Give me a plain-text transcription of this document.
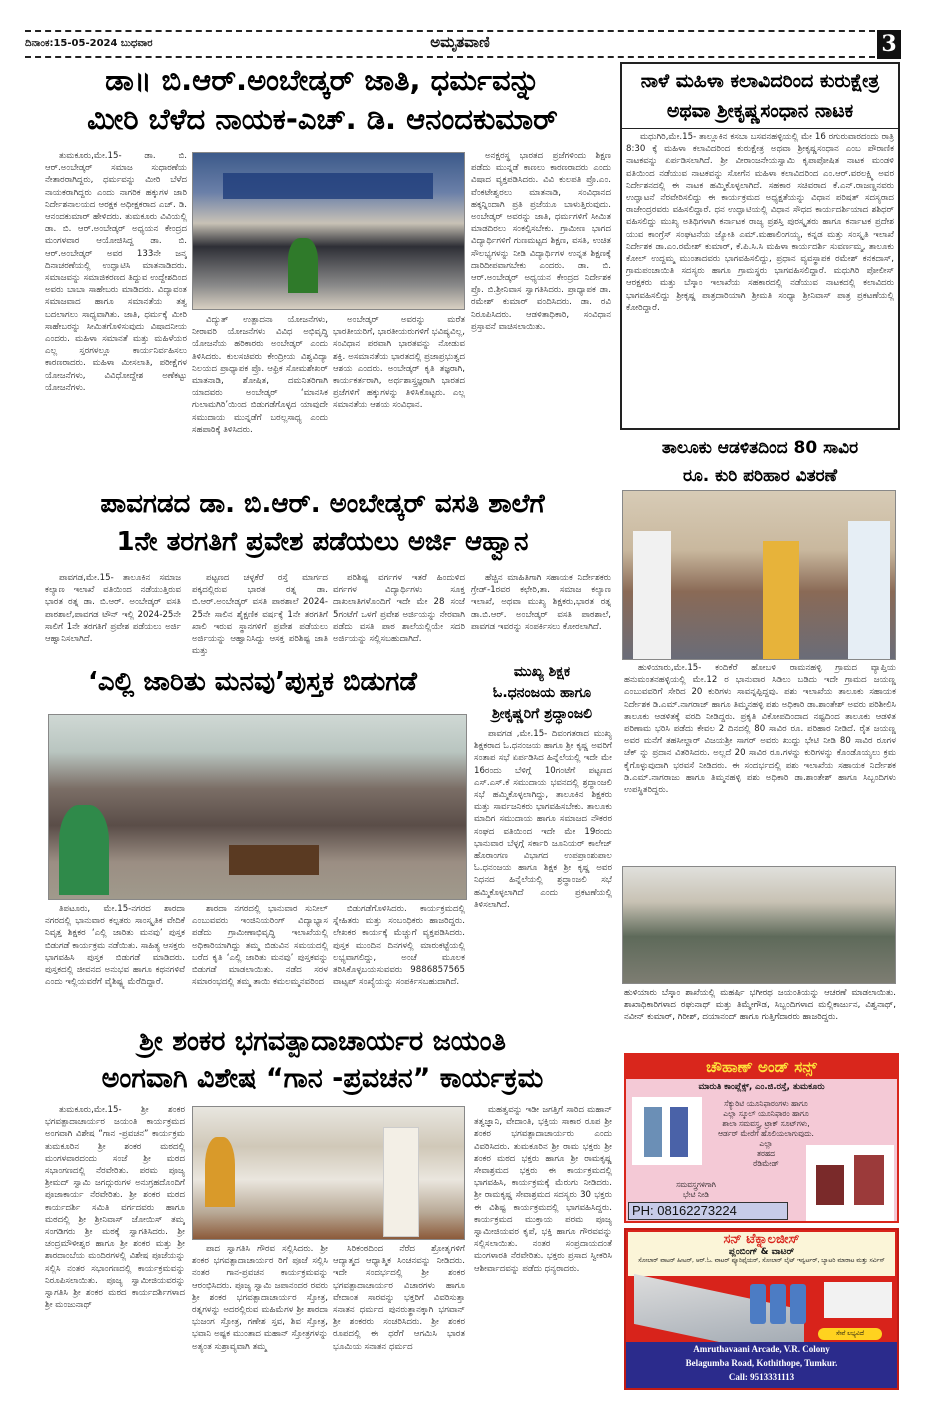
ದಿನಾಂಕ:15-05-2024 ಬುಧವಾರ	ಅಮೃತವಾಣಿ	3
ಡಾ॥ ಬಿ.ಆರ್.ಅಂಬೇಡ್ಕರ್ ಜಾತಿ, ಧರ್ಮವನ್ನು
ಮೀರಿ ಬೆಳೆದ ನಾಯಕ-ಎಚ್. ಡಿ. ಆನಂದಕುಮಾರ್

ತುಮಕೂರು,ಮೇ.15- ಡಾ. ಬಿ. ಆರ್.ಅಂಬೇಡ್ಕರ್ ಸಮಾಜ ಸುಧಾರಣೆಯ ನೇತಾರರಾಗಿದ್ದರು, ಧರ್ಮವನ್ನು ಮೀರಿ ಬೆಳೆದ ನಾಯಕರಾಗಿದ್ದರು ಎಂದು ನಾಗರಿಕ ಹಕ್ಕುಗಳ ಜಾರಿ ನಿರ್ದೇಶನಾಲಯದ ಆರಕ್ಷಕ ಅಧೀಕ್ಷಕರಾದ ಎಚ್. ಡಿ. ಆನಂದಕುಮಾರ್ ಹೇಳಿದರು. ತುಮಕೂರು ವಿವಿಯಲ್ಲಿ ಡಾ. ಬಿ. ಆರ್.ಅಂಬೇಡ್ಕರ್ ಅಧ್ಯಯನ ಕೇಂದ್ರದ ಮಂಗಳವಾರ ಆಯೋಜಿಸಿದ್ದ ಡಾ. ಬಿ. ಆರ್.ಅಂಬೇಡ್ಕರ್ ಅವರ 133ನೇ ಜನ್ಮ ದಿನಾಚರಣೆಯಲ್ಲಿ ಉದ್ಘಾಟಿಸಿ ಮಾತನಾಡಿದರು. ಸಮಾಜವನ್ನು ಸಮಾಜಿಕರಣದ ತಿದ್ದುವ ಉದ್ದೇಶದಿಂದ ಅವರು ಬಾಬಾ ಸಾಹೇಬರು ಮಾಡಿದರು. ವಿದ್ಯಾವಂತ ಸಮಾಜವಾದ ಹಾಗೂ ಸಮಾನತೆಯ ತತ್ವ ಬದಲಾಗಲು ಸಾಧ್ಯವಾಗಿತು. ಜಾತಿ, ಧರ್ಮಕ್ಕೆ ಮೀರಿ ಸಾಹೇಬರನ್ನು ಸೀಮಿತಗೊಳಿಸುವುದು ವಿಷಾದನೀಯ ಎಂದರು. ಮಹಿಳಾ ಸಮಾನತೆ ಮತ್ತು ಮಹಿಳೆಯರ ಎಲ್ಲ ಸ್ತರಗಳಲ್ಲೂ ಕಾರ್ಯನಿರ್ವಹಿಸಲು ಕಾರಣರಾದರು. ಮಹಿಳಾ ಮೀಸಲಾತಿ, ಪರೀಕ್ಷೆಗಳ ಯೋಜನೆಗಳು, ವಿವಿಧೋದ್ದೇಶ ಅಣೆಕಟ್ಟು ಯೋಜನೆಗಳು.

ವಿದ್ಯುತ್ ಉತ್ಪಾದನಾ ಯೋಜನೆಗಳು, ನೀರಾವರಿ ಯೋಜನೆಗಳು ವಿವಿಧ ಅಭಿವೃದ್ಧಿ ಯೋಜನೆಯ ಹರಿಕಾರರು ಅಂಬೇಡ್ಕರ್ ಎಂದು ತಿಳಿಸಿದರು. ಕುಲಸಚಿವರು ಕೇಂದ್ರೀಯ ವಿಶ್ವವಿದ್ಯಾ ನಿಲಯದ ಪ್ರಾಧ್ಯಾಪಕ ಪ್ರೊ. ಆಫ್ರಿಕ ಸೋಮಶೇಖರ್ ಮಾತನಾಡಿ, ಶೋಷಿತ, ದಮನಿತರಿಗಾಗಿ ಯಾದವರು ಅಂಬೇಡ್ಕರ್ ‘ಮಾನಸಿಕ ಗುಲಾಮಗಿರಿ’ಯಿಂದ ಬಿಡುಗಡೆಗೊಳ್ಳದ ಯಾವುದೇ ಸಮುದಾಯ ಮುನ್ನಡೆಗೆ ಬರಲ್ಲಸಾಧ್ಯ ಎಂದು ಸಹಪಾಠಿಕ್ಕೆ ತಿಳಿಸಿದರು.

ಅಂಬೇಡ್ಕರ್ ಅವರನ್ನು ಮರೆತ ಭಾರತೀಯರಿಗೆ, ಭಾರತೀಯರುಗಳಿಗೆ ಭವಿಷ್ಯವಿಲ್ಲ, ಸಂವಿಧಾನ ಪರವಾಗಿ ಭಾರತವನ್ನು ನೋಡುವ ಶಕ್ತಿ. ಅಸಮಾನತೆಯ ಭಾರತದಲ್ಲಿ ಪ್ರಜಾಪ್ರಭುತ್ವದ ಆಶಯ ಎಂದರು. ಅಂಬೇಡ್ಕರ್ ಕೃತಿ ತಜ್ಞರಾಗಿ, ಕಾರ್ಯಕರ್ತರಾಗಿ, ಅರ್ಥಶಾಸ್ತ್ರಜ್ಞರಾಗಿ ಭಾರತದ ಪ್ರಜೆಗಳಿಗೆ ಹಕ್ಕುಗಳನ್ನು ತಿಳಿಸಿಕೊಟ್ಟರು. ಎಲ್ಲ ಸಮಾನತೆಯ ಆಶಯ ಸಂವಿಧಾನ.

ಅನಕ್ಷರಸ್ಥ ಭಾರತದ ಪ್ರಜೆಗಳಿಂದು ಶಿಕ್ಷಣ ಪಡೆದು ಮುನ್ನಡೆ ಕಾಣಲು ಕಾರಣರಾದರು ಎಂದು ವಿಷಾದ ವ್ಯಕ್ತಪಡಿಸಿದರು. ವಿವಿ ಕುಲಪತಿ ಪ್ರೊ.ಎಂ. ವೆಂಕಟೇಶ್ವರಲು ಮಾತನಾಡಿ, ಸಂವಿಧಾನದ ಹಕ್ಕನ್ನಿಂದಾಗಿ ಪ್ರತಿ ಪ್ರಜೆಯೂ ಬಾಳುತ್ತಿರುವುದು. ಅಂಬೇಡ್ಕರ್ ಅವರನ್ನು ಜಾತಿ, ಧರ್ಮಗಳಿಗೆ ಸೀಮಿತ ಮಾಡದಿರಲು ಸಂಕಲ್ಪಿಸಬೇಕು. ಗ್ರಾಮೀಣ ಭಾಗದ ವಿದ್ಯಾರ್ಥಿಗಳಿಗೆ ಗುಣಮಟ್ಟದ ಶಿಕ್ಷಣ, ವಸತಿ, ಉಚಿತ ಸೌಲಭ್ಯಗಳನ್ನು ನೀಡಿ ವಿದ್ಯಾರ್ಥಿಗಳ ಉನ್ನತ ಶಿಕ್ಷಣಕ್ಕೆ ದಾರಿದೀಪವಾಗಬೇಕು ಎಂದರು. ಡಾ. ಬಿ. ಆರ್.ಅಂಬೇಡ್ಕರ್ ಅಧ್ಯಯನ ಕೇಂದ್ರದ ನಿರ್ದೇಶಕ ಪ್ರೊ. ಬಿ.ಶ್ರೀನಿವಾಸ ಸ್ವಾಗತಿಸಿದರು. ಪ್ರಾಧ್ಯಾಪಕ ಡಾ. ರಮೇಶ್ ಕುಮಾರ್ ವಂದಿಸಿದರು. ಡಾ. ರವಿ ನಿರೂಪಿಸಿದರು. ಆಡಳಿತಾಧಿಕಾರಿ, ಸಂವಿಧಾನ ಪ್ರಸ್ತಾವನೆ ವಾಚಿಸಲಾಯಿತು.

ಪಾವಗಡದ ಡಾ. ಬಿ.ಆರ್. ಅಂಬೇಡ್ಕರ್ ವಸತಿ ಶಾಲೆಗೆ
1ನೇ ತರಗತಿಗೆ ಪ್ರವೇಶ ಪಡೆಯಲು ಅರ್ಜಿ ಆಹ್ವಾನ

ಪಾವಗಡ,ಮೇ.15- ತಾಲೂಕಿನ ಸಮಾಜ ಕಲ್ಯಾಣ ಇಲಾಖೆ ವತಿಯಿಂದ ನಡೆಯುತ್ತಿರುವ ಭಾರತ ರತ್ನ ಡಾ. ಬಿ.ಆರ್. ಅಂಬೇಡ್ಕರ್ ವಸತಿ ಪಾಠಶಾಲೆ,ಪಾವಗಡ ಟೌನ್ ಇಲ್ಲಿ 2024-25ನೇ ಸಾಲಿಗೆ 1ನೇ ತರಗತಿಗೆ ಪ್ರವೇಶ ಪಡೆಯಲು ಅರ್ಜಿ ಆಹ್ವಾನಿಸಲಾಗಿದೆ.

ಪಟ್ಟಣದ ಚಳ್ಳಕೆರೆ ರಸ್ತೆ ಮಾರ್ಗದ ಪಕ್ಕದಲ್ಲಿರುವ ಭಾರತ ರತ್ನ ಡಾ. ಬಿ.ಆರ್.ಅಂಬೇಡ್ಕರ್ ವಸತಿ ಪಾಠಶಾಲೆ 2024-25ನೇ ಸಾಲಿನ ಶೈಕ್ಷಣಿಕ ವರ್ಷಕ್ಕೆ 1ನೇ ತರಗತಿಗೆ ಖಾಲಿ ಇರುವ ಸ್ಥಾನಗಳಿಗೆ ಪ್ರವೇಶ ಪಡೆಯಲು ಅರ್ಜಿಯನ್ನು ಆಹ್ವಾನಿಸಿದ್ದು ಆಸಕ್ತ ಪರಿಶಿಷ್ಟ ಜಾತಿ ಮತ್ತು

ಪರಿಶಿಷ್ಟ ವರ್ಗಗಳ ಇತರೆ ಹಿಂದುಳಿದ ವರ್ಗಗಳ ವಿದ್ಯಾರ್ಥಿಗಳು ಸೂಕ್ತ ದಾಖಲಾತಿಗಳೊಂದಿಗೆ ಇದೇ ಮೇ 28 ಸಂಜೆ 5ಗಂಟೆಗೆ ಒಳಗೆ ಪ್ರವೇಶ ಅರ್ಜಿಯನ್ನು ನೇರವಾಗಿ ಪಡೆದು ವಸತಿ ಪಾಠ ಶಾಲೆಯಲ್ಲಿಯೇ ಸದರಿ ಅರ್ಜಿಯನ್ನು ಸಲ್ಲಿಸಬಹುದಾಗಿದೆ.

ಹೆಚ್ಚಿನ ಮಾಹಿತಿಗಾಗಿ ಸಹಾಯಕ ನಿರ್ದೇಶಕರು ಗ್ರೇಡ್-1ರವರ ಕಛೇರಿ,ತಾ. ಸಮಾಜ ಕಲ್ಯಾಣ ಇಲಾಖೆ, ಅಥವಾ ಮುಖ್ಯ ಶಿಕ್ಷಕರು,ಭಾರತ ರತ್ನ ಡಾ.ಬಿ.ಆರ್. ಅಂಬೇಡ್ಕರ್ ವಸತಿ ಪಾಠಶಾಲೆ, ಪಾವಗಡ ಇವರನ್ನು ಸಂಪರ್ಕಿಸಲು ಕೋರಲಾಗಿದೆ.

‘ಎಲ್ಲಿ ಜಾರಿತು ಮನವು’ಪುಸ್ತಕ ಬಿಡುಗಡೆ

ತಿಪಟೂರು, ಮೇ.15-ನಗರದ ಶಾರದಾ ನಗರದಲ್ಲಿ ಭಾನುವಾರ ಕಲ್ಪತರು ಸಾಂಸ್ಕೃತಿಕ ವೇದಿಕೆ ನಿವೃತ್ತ ಶಿಕ್ಷಕರ ‘ಎಲ್ಲಿ ಜಾರಿತು ಮನವು’ ಪುಸ್ತಕ ಬಿಡುಗಡೆ ಕಾರ್ಯಕ್ರಮ ನಡೆಯಿತು. ಸಾಹಿತ್ಯ ಆಸಕ್ತರು ಭಾಗವಹಿಸಿ ಪುಸ್ತಕ ಬಿಡುಗಡೆ ಮಾಡಿದರು. ಪುಸ್ತಕದಲ್ಲಿ ಜೀವನದ ಅನುಭವ ಹಾಗೂ ಕಥನಗಳಿವೆ ಎಂದು ಇಲ್ಲಿಯವರೆಗೆ ವೈಶಿಷ್ಟ್ಯ ಮೆರೆದಿದ್ದಾರೆ.

ಶಾರದಾ ನಗರದಲ್ಲಿ ಭಾನುವಾರ ಸುನೀಲ್ ಎಂಬುವವರು ಇಂಜಿನಿಯರಿಂಗ್ ವಿದ್ಯಾಭ್ಯಾಸ ಪಡೆದು ಗ್ರಾಮೀಣಾಭಿವೃದ್ಧಿ ಇಲಾಖೆಯಲ್ಲಿ ಅಧಿಕಾರಿಯಾಗಿದ್ದು ತಮ್ಮ ಬಿಡುವಿನ ಸಮಯದಲ್ಲಿ ಬರೆದ ಕೃತಿ ‘ಎಲ್ಲಿ ಜಾರಿತು ಮನವು’ ಪುಸ್ತಕವನ್ನು ಬಿಡುಗಡೆ ಮಾಡಲಾಯಿತು. ನಡೆದ ಸರಳ ಸಮಾರಂಭದಲ್ಲಿ ತಮ್ಮ ತಾಯಿ ಕಮಲಮ್ಮನವರಿಂದ

ಬಿಡುಗಡೆಗೊಳಿಸಿದರು. ಕಾರ್ಯಕ್ರಮದಲ್ಲಿ ಸ್ನೇಹಿತರು ಮತ್ತು ಸಂಬಂಧಿಕರು ಹಾಜರಿದ್ದರು. ಲೇಖಕರ ಕಾರ್ಯಕ್ಕೆ ಮೆಚ್ಚುಗೆ ವ್ಯಕ್ತಪಡಿಸಿದರು. ಪುಸ್ತಕ ಮುಂದಿನ ದಿನಗಳಲ್ಲಿ ಮಾರುಕಟ್ಟೆಯಲ್ಲಿ ಲಭ್ಯವಾಗಲಿದ್ದು, ಅಂಚೆ ಮೂಲಕ ತರಿಸಿಕೊಳ್ಳಬಯಸುವವರು 9886857565 ವಾಟ್ಸಪ್ ಸಂಖ್ಯೆಯನ್ನು ಸಂಪರ್ಕಿಸಬಹುದಾಗಿದೆ.

ಮುಖ್ಯ ಶಿಕ್ಷಕ
ಓ.ಧನಂಜಯ ಹಾಗೂ
ಶ್ರೀಕೃಷ್ಣರಿಗೆ ಶ್ರದ್ಧಾಂಜಲಿ

ಪಾವಗಡ ,ಮೇ.15- ದಿವಂಗತರಾದ ಮುಖ್ಯ ಶಿಕ್ಷಕರಾದ ಓ.ಧನಂಜಯ ಹಾಗೂ ಶ್ರೀ ಕೃಷ್ಣ ಅವರಿಗೆ ಸಂತಾಪ ಸಭೆ ಏರ್ಪಡಿಸಿದ ಹಿನ್ನೆಲೆಯಲ್ಲಿ ಇದೇ ಮೇ 16ರಂದು ಬೆಳಿಗ್ಗೆ 10ಗಂಟೆಗೆ ಪಟ್ಟಣದ ಎಸ್.ಎಸ್.ಕೆ ಸಮುದಾಯ ಭವನದಲ್ಲಿ ಶ್ರದ್ಧಾಂಜಲಿ ಸಭೆ ಹಮ್ಮಿಕೊಳ್ಳಲಾಗಿದ್ದು, ತಾಲೂಕಿನ ಶಿಕ್ಷಕರು ಮತ್ತು ಸಾರ್ವಜನಿಕರು ಭಾಗವಹಿಸಬೇಕು. ತಾಲೂಕು ಮಾದಿಗ ಸಮುದಾಯ ಹಾಗೂ ಸಮಾಜದ ನೌಕರರ ಸಂಘದ ವತಿಯಿಂದ ಇದೇ ಮೇ 19ರಂದು ಭಾನುವಾರ ಬೆಳ್ಳಗ್ಗೆ ಸರ್ಕಾರಿ ಜೂನಿಯರ್ ಕಾಲೇಜ್ ಹೊರಾಂಗಣ ವಿಭಾಗದ ಉಪಪ್ರಾಂಶುಪಾಲ ಓ.ಧನಂಜಯ ಹಾಗೂ ಶಿಕ್ಷಕ ಶ್ರೀ ಕೃಷ್ಣ ಅವರ ನಿಧನದ ಹಿನ್ನೆಲೆಯಲ್ಲಿ ಶ್ರದ್ಧಾಂಜಲಿ ಸಭೆ ಹಮ್ಮಿಕೊಳ್ಳಲಾಗಿದೆ ಎಂದು ಪ್ರಕಟಣೆಯಲ್ಲಿ ತಿಳಿಸಲಾಗಿದೆ.

ಶ್ರೀ ಶಂಕರ ಭಗವತ್ಪಾದಾಚಾರ್ಯರ ಜಯಂತಿ
ಅಂಗವಾಗಿ ವಿಶೇಷ “ಗಾನ -ಪ್ರವಚನ” ಕಾರ್ಯಕ್ರಮ

ತುಮಕೂರು,ಮೇ.15- ಶ್ರೀ ಶಂಕರ ಭಗವತ್ಪಾದಾಚಾರ್ಯರ ಜಯಂತಿ ಕಾರ್ಯಕ್ರಮದ ಅಂಗವಾಗಿ ವಿಶೇಷ “ಗಾನ -ಪ್ರವಚನ” ಕಾರ್ಯಕ್ರಮ ತುಮಕೂರಿನ ಶ್ರೀ ಶಂಕರ ಮಠದಲ್ಲಿ ಮಂಗಳವಾರದಂದು ಸಂಜೆ ಶ್ರೀ ಮಠದ ಸಭಾಂಗಣದಲ್ಲಿ ನೆರವೇರಿತು. ಪರಮ ಪೂಜ್ಯ ಶ್ರೀಮದ್ ಸ್ವಾಮಿ ಜಗದ್ಗುರುಗಳ ಅನುಗ್ರಹದೊಂದಿಗೆ ಪೂಜಾಕಾರ್ಯ ನೆರವೇರಿತು. ಶ್ರೀ ಶಂಕರ ಮಠದ ಕಾರ್ಯದರ್ಶಿ ಸಮಿತಿ ವರ್ಗದವರು ಹಾಗೂ ಮಠದಲ್ಲಿ ಶ್ರೀ ಶ್ರೀನಿವಾಸ್ ಜೋಯಿಸ್ ತಮ್ಮ ಸಂಗಡಿಗರು ಶ್ರೀ ಮಠಕ್ಕೆ ಸ್ವಾಗತಿಸಿದರು. ಶ್ರೀ ಚಂದ್ರಮೌಳೀಶ್ವರ ಹಾಗೂ ಶ್ರೀ ಶಂಕರ ಮತ್ತು ಶ್ರೀ ಶಾರದಾಂಬೆಯ ಮಂದಿರಗಳಲ್ಲಿ ವಿಶೇಷ ಪೂಜೆಯನ್ನು ಸಲ್ಲಿಸಿ ನಂತರ ಸಭಾಂಗಣದಲ್ಲಿ ಕಾರ್ಯಕ್ರಮವನ್ನು ನಿರೂಪಿಸಲಾಯಿತು. ಪೂಜ್ಯ ಸ್ವಾಮೀಜಿಯವರನ್ನು ಸ್ವಾಗತಿಸಿ ಶ್ರೀ ಶಂಕರ ಮಠದ ಕಾರ್ಯದರ್ಶಿಗಳಾದ ಶ್ರೀ ಮಂಜುನಾಥ್

ಪಾದ ಸ್ವಾಗತಿಸಿ ಗೌರವ ಸಲ್ಲಿಸಿದರು. ಶ್ರೀ ಶಂಕರ ಭಗವತ್ಪಾದಾಚಾರ್ಯರ ರಿಗೆ ಪೂಜೆ ಸಲ್ಲಿಸಿ ನಂತರ ಗಾನ-ಪ್ರವಚನ ಕಾರ್ಯಕ್ರಮವನ್ನು ಆರಂಭಿಸಿದರು. ಪೂಜ್ಯ ಸ್ವಾಮಿ ಜಪಾನಂದರ ರವರು ಶ್ರೀ ಶಂಕರ ಭಗವತ್ಪಾದಾಚಾರ್ಯರ ಸ್ತೋತ್ರ, ರತ್ನಗಳನ್ನು ಅದರಲ್ಲಿರುವ ಮಹಿಮೆಗಳ ಶ್ರೀ ಶಾರದಾ ಭುಜಂಗ ಸ್ತೋತ್ರ, ಗಣೇಶ ಸ್ತವ, ಶಿವ ಸ್ತೋತ್ರ, ಭವಾನಿ ಅಷ್ಟಕ ಮುಂತಾದ ಮಹಾನ್ ಸ್ತೋತ್ರಗಳನ್ನು ಅತ್ಯಂತ ಸುಶ್ರಾವ್ಯವಾಗಿ ತಮ್ಮ

ಸಿರಿಕಂಠದಿಂದ ನೆರೆದ ಶ್ರೋತೃಗಳಿಗೆ ಆದ್ಯಾತ್ಮದ ಆಧ್ಯಾತ್ಮಿಕ ಸಿಂಚನವನ್ನು ನೀಡಿದರು. ಇದೇ ಸಂದರ್ಭದಲ್ಲಿ ಶ್ರೀ ಶಂಕರ ಭಗವತ್ಪಾದಾಚಾರ್ಯರ ವಿಚಾರಗಳು ಹಾಗೂ ವೇದಾಂತ ಸಾರವನ್ನು ಭಕ್ತರಿಗೆ ವಿವರಿಸುತ್ತಾ ಸನಾತನ ಧರ್ಮದ ಪುನರುತ್ಥಾನಕ್ಕಾಗಿ ಭಗವಾನ್ ಶ್ರೀ ಶಂಕರರು ಸಂಚರಿಸಿದರು. ಶ್ರೀ ಶಂಕರ ರೂಪದಲ್ಲಿ ಈ ಧರೆಗೆ ಆಗಮಿಸಿ ಭಾರತ ಭೂಮಿಯ ಸನಾತನ ಧರ್ಮದ

ಮಹತ್ವವನ್ನು ಇಡೀ ಜಗತ್ತಿಗೆ ಸಾರಿದ ಮಹಾನ್ ತತ್ವಜ್ಞಾನಿ, ವೇದಾಂತಿ, ಭಕ್ತಿಯ ಸಾಕಾರ ರೂಪ ಶ್ರೀ ಶಂಕರ ಭಗವತ್ಪಾದಾಚಾರ್ಯರು ಎಂದು ವಿವರಿಸಿದರು. ತುಮಕೂರಿನ ಶ್ರೀ ರಾಮ ಭಕ್ತರು ಶ್ರೀ ಶಂಕರ ಮಠದ ಭಕ್ತರು ಹಾಗೂ ಶ್ರೀ ರಾಮಕೃಷ್ಣ ಸೇವಾಶ್ರಮದ ಭಕ್ತರು ಈ ಕಾರ್ಯಕ್ರಮದಲ್ಲಿ ಭಾಗವಹಿಸಿ, ಕಾರ್ಯಕ್ರಮಕ್ಕೆ ಮೆರುಗು ನೀಡಿದರು. ಶ್ರೀ ರಾಮಕೃಷ್ಣ ಸೇವಾಶ್ರಮದ ಸದಸ್ಯರು 30 ಭಕ್ತರು ಈ ವಿಶಿಷ್ಟ ಕಾರ್ಯಕ್ರಮದಲ್ಲಿ ಭಾಗವಹಿಸಿದ್ದರು. ಕಾರ್ಯಕ್ರಮದ ಮುಕ್ತಾಯ ಪರಮ ಪೂಜ್ಯ ಸ್ವಾಮೀಜಿಯವರ ಕೃಪೆ, ಭಕ್ತಿ ಹಾಗೂ ಗೌರವವನ್ನು ಸಲ್ಲಿಸಲಾಯಿತು. ನಂತರ ಸಂಪ್ರದಾಯದಂತೆ ಮಂಗಳಾರತಿ ನೆರವೇರಿತು. ಭಕ್ತರು ಪ್ರಸಾದ ಸ್ವೀಕರಿಸಿ ಆಶೀರ್ವಾದವನ್ನು ಪಡೆದು ಧನ್ಯರಾದರು.

ನಾಳೆ ಮಹಿಳಾ ಕಲಾವಿದರಿಂದ ಕುರುಕ್ಷೇತ್ರ
ಅಥವಾ ಶ್ರೀಕೃಷ್ಣಸಂಧಾನ ನಾಟಕ

ಮಧುಗಿರಿ,ಮೇ.15- ತಾಲ್ಲೂಕಿನ ಕಸಬಾ ಬಸವನಹಳ್ಳಿಯಲ್ಲಿ ಮೇ 16 ರಗುರುವಾರದಂದು ರಾತ್ರಿ 8:30 ಕ್ಕೆ ಮಹಿಳಾ ಕಲಾವಿದರಿಂದ ಕುರುಕ್ಷೇತ್ರ ಅಥವಾ ಶ್ರೀಕೃಷ್ಣಸಂಧಾನ ಎಂಬ ಪೌರಾಣಿಕ ನಾಟಕವನ್ನು ಏರ್ಪಡಿಸಲಾಗಿದೆ. ಶ್ರೀ ವೀರಾಂಜನೇಯಸ್ವಾಮಿ ಕೃಪಾಪೋಷಿತ ನಾಟಕ ಮಂಡಳಿ ವತಿಯಿಂದ ನಡೆಯುವ ನಾಟಕವನ್ನು ಸೋಗೆನ ಮಹಿಳಾ ಕಲಾವಿದರಿಂದ ಎಂ.ಆರ್.ವರಲಕ್ಷ್ಮಿ ಅವರ ನಿರ್ದೇಶನದಲ್ಲಿ ಈ ನಾಟಕ ಹಮ್ಮಿಕೊಳ್ಳಲಾಗಿದೆ. ಸಹಕಾರ ಸಚಿವರಾದ ಕೆ.ಎನ್.ರಾಜಣ್ಣನವರು ಉದ್ಘಾಟನೆ ನೆರವೇರಿಸಲಿದ್ದು ಈ ಕಾರ್ಯಕ್ರಮದ ಅಧ್ಯಕ್ಷತೆಯನ್ನು ವಿಧಾನ ಪರಿಷತ್ ಸದಸ್ಯರಾದ ರಾಜೇಂದ್ರರವರು ವಹಿಸಲಿದ್ದಾರೆ. ಧನ ಉದ್ಘಾಟಿಯಲ್ಲಿ ವಿಧಾನ ಸೌಧದ ಕಾರ್ಯದರ್ಶಿಯಾದ ಶಶಿಧರ್ ವಹಿಸಲಿದ್ದು ಮುಖ್ಯ ಅತಿಥಿಗಳಾಗಿ ಕರ್ನಾಟಕ ರಾಜ್ಯ ಪ್ರಶಸ್ತಿ ಪುರಸ್ಕೃತರು ಹಾಗೂ ಕರ್ನಾಟಕ ಪ್ರದೇಶ ಯುವ ಕಾಂಗ್ರೆಸ್ ಸಂಘಟನೆಯ ಜ್ಯೋತಿ ಎಮ್.ಮಹಾಲಿಂಗಯ್ಯ, ಕನ್ನಡ ಮತ್ತು ಸಂಸ್ಕೃತಿ ಇಲಾಖೆ ನಿರ್ದೇಶಕ ಡಾ.ಎಂ.ರಮೇಶ್ ಕುಮಾರ್, ಕೆ.ಪಿ.ಸಿ.ಸಿ ಮಹಿಳಾ ಕಾರ್ಯದರ್ಶಿ ಸುವರ್ಣಮ್ಮ, ತಾಲೂಕು ಕೋಲ್ ಉದ್ದಮ್ಮ ಮುಂತಾದವರು ಭಾಗವಹಿಸಲಿದ್ದು, ಪ್ರಧಾನ ವ್ಯವಸ್ಥಾಪಕ ರಮೇಶ್ ಕನಕದಾಸ್, ಗ್ರಾಮಪಂಚಾಯಿತಿ ಸದಸ್ಯರು ಹಾಗೂ ಗ್ರಾಮಸ್ಥರು ಭಾಗವಹಿಸಲಿದ್ದಾರೆ. ಮಧುಗಿರಿ ಪೋಲೀಸ್ ಆರಕ್ಷಕರು ಮತ್ತು ಬೆಸ್ಕಾಂ ಇಲಾಖೆಯ ಸಹಕಾರದಲ್ಲಿ ನಡೆಯುವ ನಾಟಕದಲ್ಲಿ ಕಲಾವಿದರು ಭಾಗವಹಿಸಲಿದ್ದು ಶ್ರೀಕೃಷ್ಣ ಪಾತ್ರದಾರಿಯಾಗಿ ಶ್ರೀಮತಿ ಸಂಧ್ಯಾ ಶ್ರೀನಿವಾಸ್ ಪಾತ್ರ ಪ್ರಕಟಣೆಯಲ್ಲಿ ಕೋರಿದ್ದಾರೆ.

ತಾಲೂಕು ಆಡಳಿತದಿಂದ 80 ಸಾವಿರ
ರೂ. ಕುರಿ ಪರಿಹಾರ ವಿತರಣೆ

ಹುಳಿಯಾರು,ಮೇ.15- ಕಂದಿಕೆರೆ ಹೋಬಳಿ ರಾಮನಹಳ್ಳಿ ಗ್ರಾಮದ ವ್ಯಾಪ್ತಿಯ ಹನುಮಂತನಹಳ್ಳಿಯಲ್ಲಿ ಮೇ.12 ರ ಭಾನುವಾರ ಸಿಡಿಲು ಬಡಿದು ಇದೇ ಗ್ರಾಮದ ಜಯಣ್ಣ ಎಂಬುವವರಿಗೆ ಸೇರಿದ 20 ಕುರಿಗಳು ಸಾವನ್ನಪ್ಪಿದ್ದವು. ಪಶು ಇಲಾಖೆಯ ತಾಲೂಕು ಸಹಾಯಕ ನಿರ್ದೇಶಕ ಡಿ.ಎಮ್.ನಾಗರಾಜ್ ಹಾಗೂ ತಿಮ್ಮನಹಳ್ಳಿ ಪಶು ಅಧಿಕಾರಿ ಡಾ.ಶಾಂತೇಶ್ ಅವರು ಪರಿಶೀಲಿಸಿ ತಾಲೂಕು ಆಡಳಿತಕ್ಕೆ ವರದಿ ನೀಡಿದ್ದರು. ಪ್ರಕೃತಿ ವಿಕೋಪದಿಂದಾದ ನಷ್ಟದಿಂದ ತಾಲೂಕು ಆಡಳಿತ ಪರಿಣಾಮ ಭರಿಸಿ ಪಡೆದು ಕೇವಲ 2 ದಿನದಲ್ಲಿ 80 ಸಾವಿರ ರೂ. ಪರಿಹಾರ ನೀಡಿದೆ. ರೈತ ಜಯಣ್ಣ ಅವರ ಮನೆಗೆ ತಹಸೀಲ್ದಾರ್ ವಿಜಯಶ್ರೀ ಸಾಗರ್ ಅವರು ಖುದ್ದು ಭೇಟಿ ನೀಡಿ 80 ಸಾವಿರ ರೂಗಳ ಚೆಕ್ ನ್ನು ಪ್ರದಾನ ವಿತರಿಸಿದರು. ಅಲ್ಲದೆ 20 ಸಾವಿರ ರೂ.ಗಳನ್ನು ಕುರಿಗಳನ್ನು ಕೊಂಡೊಯ್ಯಲು ಕ್ರಮ ಕೈಗೊಳ್ಳುವುದಾಗಿ ಭರವಸೆ ನೀಡಿದರು. ಈ ಸಂದರ್ಭದಲ್ಲಿ ಪಶು ಇಲಾಖೆಯ ಸಹಾಯಕ ನಿರ್ದೇಶಕ ಡಿ.ಎಮ್.ನಾಗರಾಜು ಹಾಗೂ ತಿಮ್ಮನಹಳ್ಳಿ ಪಶು ಅಧಿಕಾರಿ ಡಾ.ಶಾಂತೇಶ್ ಹಾಗೂ ಸಿಬ್ಬಂದಿಗಳು ಉಪಸ್ಥಿತರಿದ್ದರು.

ಹುಳಿಯಾರು ಬೆಸ್ಕಾಂ ಶಾಖೆಯಲ್ಲಿ ಮಹರ್ಷಿ ಭಗೀರಥ ಜಯಂತಿಯನ್ನು ಆಚರಣೆ ಮಾಡಲಾಯಿತು. ಶಾಖಾಧಿಕಾರಿಗಳಾದ ರಘುನಾಥ್ ಮತ್ತು ತಿಮ್ಮೇಗೌಡ, ಸಿಬ್ಬಂದಿಗಳಾದ ಮಲ್ಲಿಕಾರ್ಜುನ, ವಿಶ್ವನಾಥ್, ನವೀನ್ ಕುಮಾರ್, ಗಿರೀಶ್, ದಯಾನಂದ್ ಹಾಗೂ ಗುತ್ತಿಗೆದಾರರು ಹಾಜರಿದ್ದರು.
ಚೌಹಾಣ್ ಅಂಡ್ ಸನ್ಸ್
ಮಾರುತಿ ಕಾಂಪ್ಲೆಕ್ಸ್, ಎಂ.ಜಿ.ರಸ್ತೆ, ತುಮಕೂರು
ಸೆಕ್ಯುರಿಟಿ ಯೂನಿಫಾರಂಗಳು ಹಾಗೂ
ಎಲ್ಲಾ ಸ್ಕೂಲ್ ಯೂನಿಫಾರಂ ಹಾಗೂ
ಶಾಲಾ ಸಮವಸ್ತ್ರ, ಟ್ರಾಕ್ ಸೂಟ್‌ಗಳು,
ಆರ್ಡರ್ ಮೇರೆಗೆ ಹೊಲಿಯಲಾಗುವುದು.
ಎಲ್ಲಾ
ತರಹದ
ರೆಡಿಮೇಡ್
ಸಮವಸ್ತ್ರಗಳಿಗಾಗಿ
ಭೇಟಿ ನೀಡಿ
PH: 08162273224
ಸನ್ ಟೆಕ್ನಾಲಜೀಸ್
ಪ್ಲಂಬಿಂಗ್ & ವಾಟರ್
ಸೋಲಾರ್ ವಾಟರ್ ಹೀಟರ್, ಆರ್.ಓ. ವಾಟರ್ ಪ್ಯೂರಿಫೈಯರ್, ಸೋಲಾರ್ ಲೈಟ್ ಇನ್ವರ್ಟರ್, ಬ್ಯಾಟರಿ ಮಾರಾಟ ಮತ್ತು ಸರ್ವಿಸ್
ಸೇವೆ ಲಭ್ಯವಿದೆ
Amruthavaani Arcade, V.R. Colony
Belagumba Road, Kothithope, Tumkur.
Call: 9513331113
